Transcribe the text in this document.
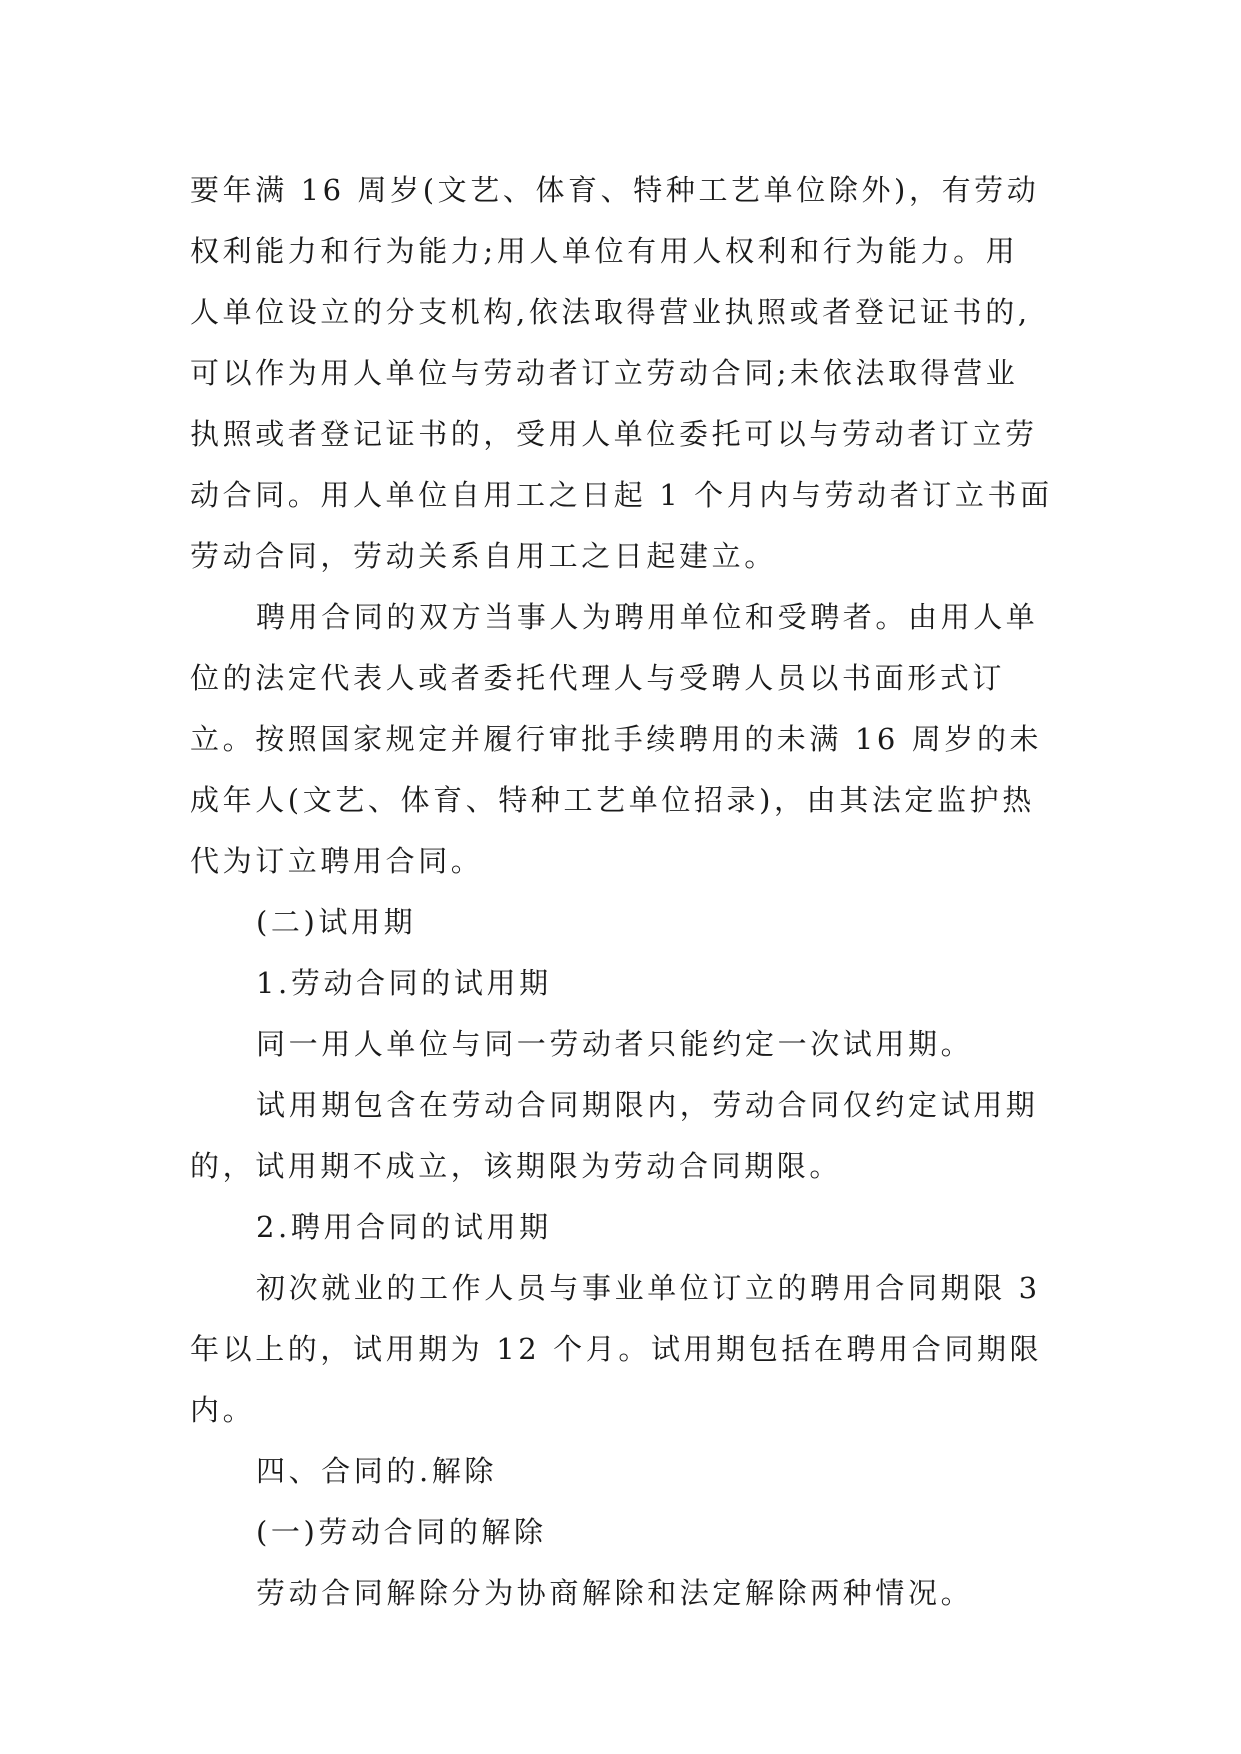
要年满 16 周岁(文艺、体育、特种工艺单位除外)，有劳动
权利能力和行为能力;用人单位有用人权利和行为能力。用
人单位设立的分支机构,依法取得营业执照或者登记证书的,
可以作为用人单位与劳动者订立劳动合同;未依法取得营业
执照或者登记证书的，受用人单位委托可以与劳动者订立劳
动合同。用人单位自用工之日起 1 个月内与劳动者订立书面
劳动合同，劳动关系自用工之日起建立。
聘用合同的双方当事人为聘用单位和受聘者。由用人单
位的法定代表人或者委托代理人与受聘人员以书面形式订
立。按照国家规定并履行审批手续聘用的未满 16 周岁的未
成年人(文艺、体育、特种工艺单位招录)，由其法定监护热
代为订立聘用合同。
(二)试用期
1.劳动合同的试用期
同一用人单位与同一劳动者只能约定一次试用期。
试用期包含在劳动合同期限内，劳动合同仅约定试用期
的，试用期不成立，该期限为劳动合同期限。
2.聘用合同的试用期
初次就业的工作人员与事业单位订立的聘用合同期限 3
年以上的，试用期为 12 个月。试用期包括在聘用合同期限
内。
四、合同的.解除
(一)劳动合同的解除
劳动合同解除分为协商解除和法定解除两种情况。
